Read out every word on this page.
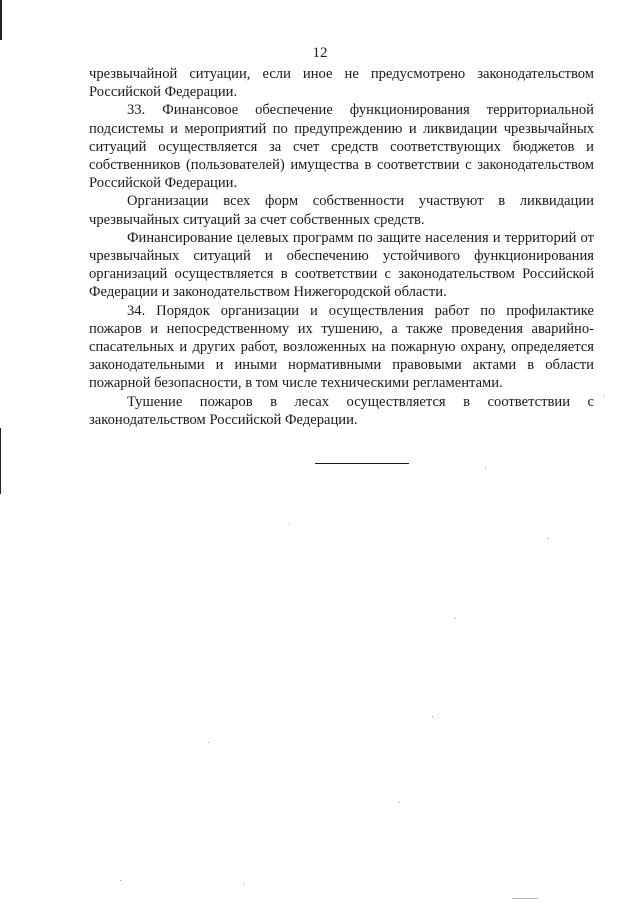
12

чрезвычайной ситуации, если иное не предусмотрено законодательством Российской Федерации.

33. Финансовое обеспечение функционирования территориальной подсистемы и мероприятий по предупреждению и ликвидации чрезвычайных ситуаций осуществляется за счет средств соответствующих бюджетов и собственников (пользователей) имущества в соответствии с законодательством Российской Федерации.

Организации всех форм собственности участвуют в ликвидации чрезвычайных ситуаций за счет собственных средств.

Финансирование целевых программ по защите населения и территорий от чрезвычайных ситуаций и обеспечению устойчивого функционирования организаций осуществляется в соответствии с законодательством Российской Федерации и законодательством Нижегородской области.

34. Порядок организации и осуществления работ по профилактике пожаров и непосредственному их тушению, а также проведения аварийно-спасательных и других работ, возложенных на пожарную охрану, определяется законодательными и иными нормативными правовыми актами в области пожарной безопасности, в том числе техническими регламентами.

Тушение пожаров в лесах осуществляется в соответствии с законодательством Российской Федерации.
